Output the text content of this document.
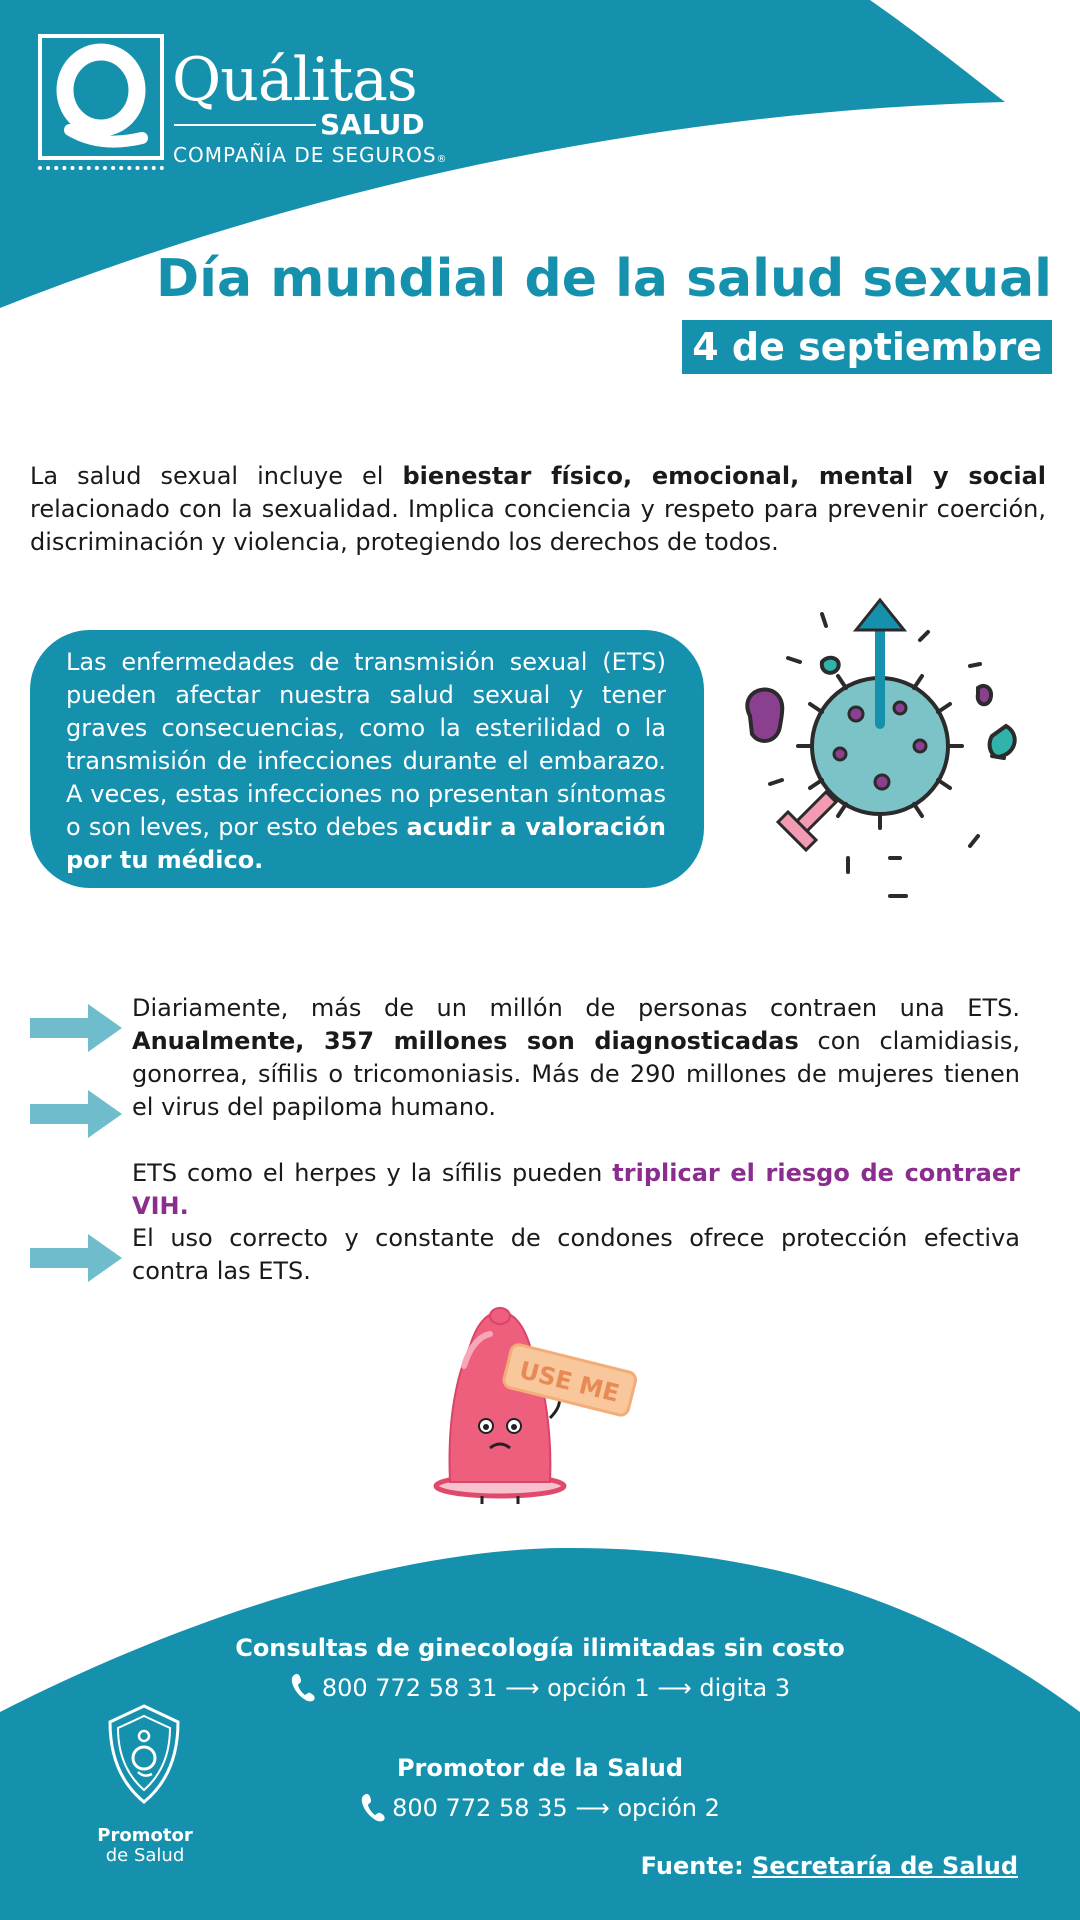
Quálitas
SALUD
COMPAÑÍA DE SEGUROS®
Día mundial de la salud sexual
4 de septiembre
La salud sexual incluye el bienestar físico, emocional, mental y social relacionado con la sexualidad. Implica conciencia y respeto para prevenir coerción, discriminación y violencia, protegiendo los derechos de todos.
Las enfermedades de transmisión sexual (ETS) pueden afectar nuestra salud sexual y tener graves consecuencias, como la esterilidad o la transmisión de infecciones durante el embarazo. A veces, estas infecciones no presentan síntomas o son leves, por esto debes acudir a valoración por tu médico.
Diariamente, más de un millón de personas contraen una ETS. Anualmente, 357 millones son diagnosticadas con clamidiasis, gonorrea, sífilis o tricomoniasis. Más de 290 millones de mujeres tienen el virus del papiloma humano.
ETS como el herpes y la sífilis pueden triplicar el riesgo de contraer VIH.
El uso correcto y constante de condones ofrece protección efectiva contra las ETS.
USE ME
Consultas de ginecología ilimitadas sin costo
800 772 58 31 ⟶ opción 1 ⟶ digita 3
Promotor de la Salud
800 772 58 35 ⟶ opción 2
Promotor
de Salud	Fuente: Secretaría de Salud
